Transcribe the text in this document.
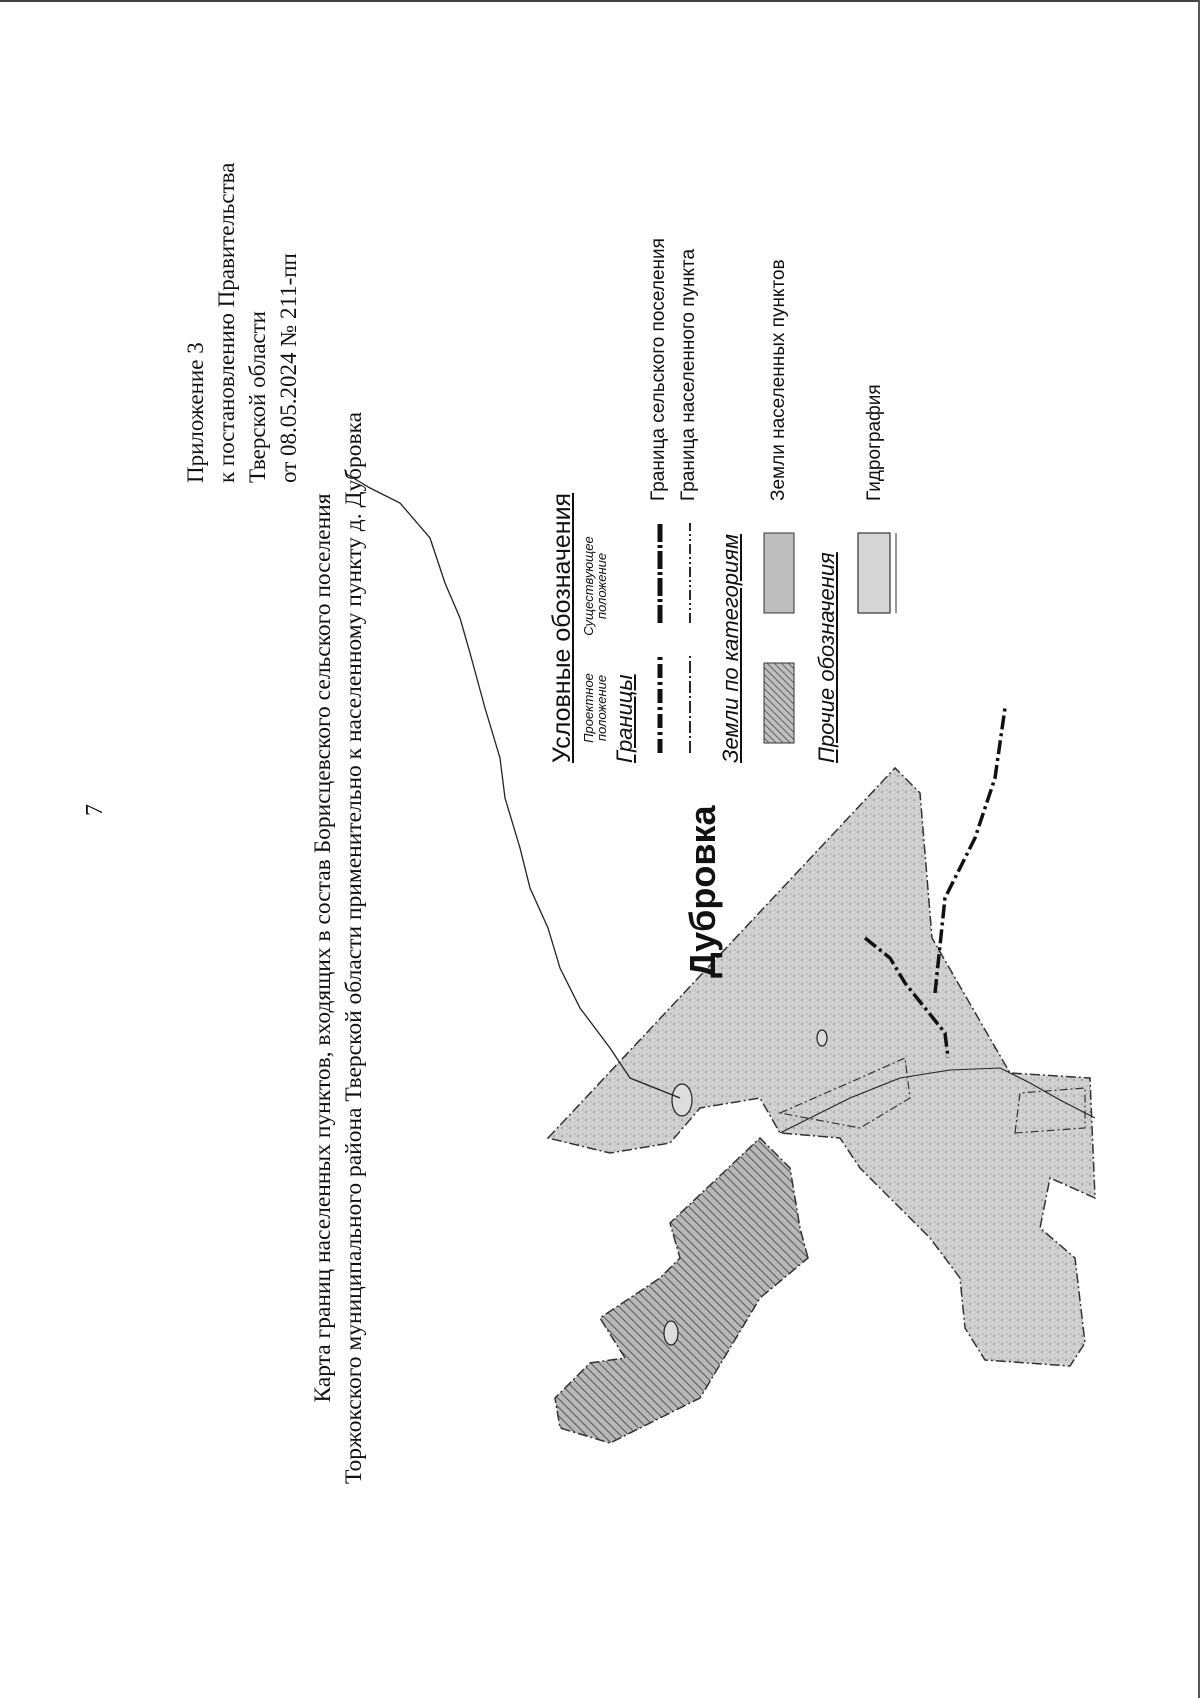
7
Приложение 3 к постановлению Правительства Тверской области от 08.05.2024 № 211-пп
Карта границ населенных пунктов, входящих в состав Борисцевского сельского поселения Торжокского муниципального района Тверской области применительно к населенному пункту д. Дубровка	Дубровка
Условные обозначения Проектное
положение
Существующее
положение
Границы
Граница сельского поселения Граница населенного пункта
Земли по категориям
Земли населенных пунктов
Прочие обозначения
Гидрография
